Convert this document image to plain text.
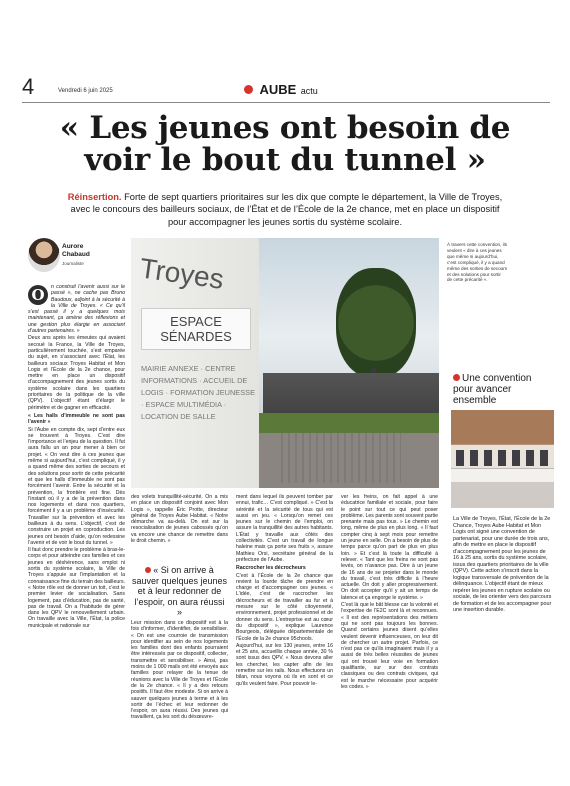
4	Vendredi 6 juin 2025	AUBE actu
« Les jeunes ont besoin de voir le bout du tunnel »

Réinsertion. Forte de sept quartiers prioritaires sur les dix que compte le département, la Ville de Troyes, avec le concours des bailleurs sociaux, de l’État et de l’École de la 2e chance, met en place un dispositif pour accompagner les jeunes sortis du système scolaire.

Aurore
Chabaud
Journaliste Troyes
ESPACE SÉNARDES
MAIRIE ANNEXE · CENTRE INFORMATIONS · ACCUEIL DE LOGIS · FORMATION JEUNESSE · ESPACE MULTIMÉDIA · LOCATION DE SALLE
À travers cette convention, ils veulent « dire à ces jeunes que même si aujourd’hui, c’est compliqué, il y a quand même des sorties de secours et des solutions pour sortir de cette précarité ».

O	n construit l’avenir aussi sur le passé », ne cache pas Bruno Baudoux, adjoint à la sécurité à la Ville de Troyes. « Ce qu’il s’est passé il y a quelques mois maintenant, ça amène des réflexions et une gestion plus élargie en associant d’autres partenaires. »

Deux ans après les émeutes qui avaient secoué la France, la Ville de Troyes, particulièrement touchée, s’est emparée du sujet, en s’associant avec l’État, les bailleurs sociaux Troyes Habitat et Mon Logis et l’École de la 2e chance, pour mettre en place un dispositif d’accompagnement des jeunes sortis du système scolaire dans les quartiers prioritaires de la politique de la ville (QPV). L’objectif étant d’élargir le périmètre et de gagner en efficacité.

« Les halls d’immeuble ne sont pas l’avenir »

Si l’Aube en compte dix, sept d’entre eux se trouvent à Troyes. C’est dire l’importance et l’enjeu de la question. Il fut aura fallu un an pour mener à bien ce projet. « On veut dire à ces jeunes que même si aujourd’hui, c’est compliqué, il y a quand même des sorties de secours et des solutions pour sortir de cette précarité et que les halls d’immeuble ne sont pas forcément l’avenir. Entre la sécurité et la prévention, la frontière est fine. Dès l’instant où il y a de la prévention dans nos logements et dans nos quartiers, forcément il y a un problème d’insécurité. Travailler sur la prévention et avec les bailleurs à du sens. L’objectif, c’est de construire un projet en coproduction. Les jeunes ont besoin d’aide, qu’on redessine l’avenir et de voir le bout du tunnel. »

Il faut donc prendre le problème à bras-le-corps et pour atteindre ces familles et ces jeunes en déshérence, sans emploi ni sortis du système scolaire, la Ville de Troyes s’appuie sur l’implantation et la connaissance fine du terrain des bailleurs. « Notre rôle est de donner un toit, c’est le premier levier de socialisation. Sans logement, pas d’éducation, pas de santé, pas de travail. On a l’habitude de gérer dans les QPV le renouvellement urbain. On travaille avec la Ville, l’État, la police municipale et nationale sur

des volets tranquillité-sécurité. On a mis en place un dispositif conjoint avec Mon Logis », rappelle Éric Protte, directeur général de Troyes Aube Habitat. « Notre démarche va au-delà. On est sur la resocialisation de jeunes cabossés qu’on va encore une chance de remettre dans le droit chemin. »

« Si on arrive à sauver quelques jeunes et à leur redonner de l’espoir, on aura réussi »

Leur mission dans ce dispositif est à la fois d’informer, d’identifier, de sensibiliser. « On est une courroie de transmission pour identifier au sein de nos logements les familles dont des enfants pourraient être intéressés par ce dispositif, collecter, transmettre et sensibiliser. » Ainsi, pas moins de 1 000 mails ont été envoyés aux familles pour relayer de la tenue de réunions avec la Ville de Troyes et l’École de la 2e chance. « Il y a des retours positifs. Il faut être modeste. Si on arrive à sauver quelques jeunes à terme et à les sortir de l’échec et leur redonner de l’espoir, on aura réussi. Des jeunes qui travaillent, ça les sort du désœuvre-

ment dans lequel ils peuvent tomber par ennui, trafic… C’est compliqué. » C’est la sérénité et la sécurité de tous qui est aussi en jeu. « Lorsqu’on remet ces jeunes sur le chemin de l’emploi, on assure la tranquillité des autres habitants. L’État y travaille aux côtés des collectivités. C’est un travail de longue haleine mais ça porte ses fruits », assure Mathieu Orsi, secrétaire général de la préfecture de l’Aube.

Raccrocher les décrocheurs

C’est à l’École de la 2e chance que revient la lourde tâche de prendre en charge et d’accompagner ces jeunes. « L’idée, c’est de raccrocher les décrocheurs et de travailler au fur et à mesure sur le côté citoyenneté, environnement, projet professionnel et de donner du sens. L’entreprise est au cœur du dispositif », explique Laurence Bourgeois, déléguée départementale de l’École de la 2e chance 95chools.

Aujourd’hui, sur les 130 jeunes, entre 16 et 25 ans, accueillis chaque année, 30 % sont issus des QPV. « Nous devons aller les chercher, les capter afin de les remettre sur les rails. Nous effectuons un bilan, nous voyons où ils en sont et ce qu’ils veulent faire. Pour pouvoir le-

ver les freins, on fait appel à une éducatrice familiale et sociale, pour faire le point sur tout ce qui peut poser problème. Les parents sont souvent partie prenante mais pas tous. » Le chemin est long, même de plus en plus long. « Il faut compter cinq à sept mois pour remettre un jeune en selle. On a besoin de plus de temps parce qu’on part de plus en plus loin. » Et c’est là toute la difficulté à relever. « Tant que les freins ne sont pas levés, on n’avance pas. Dire à un jeune de 16 ans de se projeter dans le monde du travail, c’est très difficile à l’heure actuelle. On doit y aller progressivement. On doit accepter qu’il y ait un temps de latence et ça engorge le système. »

C’est là que le bât blesse car la volonté et l’expertise de l’E2C sont là et reconnues. « Il est des représentations des métiers qui ne sont pas toujours les bonnes. Quand certains jeunes disent qu’elles veulent devenir influenceuses, on leur dit de chercher un autre projet. Parfois, ce n’est pas ce qu’ils imaginaient mais il y a aussi de très belles réussites de jeunes qui ont trouvé leur voie en formation qualifiante, sur sur des contrats classiques ou des contrats civiques, qui est le marche nécessaire pour acquérir les codes. »

Une convention pour avancer ensemble
La Ville de Troyes, l’État, l’École de la 2e Chance, Troyes Aube Habitat et Mon Logis ont signé une convention de partenariat, pour une durée de trois ans, afin de mettre en place le dispositif d’accompagnement pour les jeunes de 16 à 25 ans, sortis du système scolaire, issus des quartiers prioritaires de la ville (QPV). Cette action s’inscrit dans la logique transversale de prévention de la délinquance. L’objectif étant de mieux repérer les jeunes en rupture scolaire ou sociale, de les orienter vers des parcours de formation et de les accompagner pour une insertion durable.
